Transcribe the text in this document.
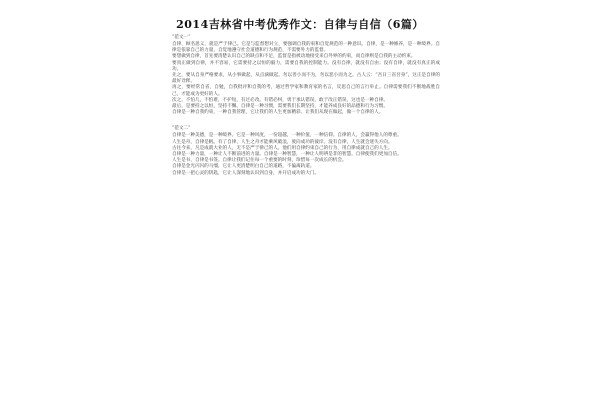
2014吉林省中考优秀作文：自律与自信（6篇）
“范文一”

自律，顾名思义，就是严于律己。它是与监督想对立，要强调自我的束和自觉规范的一种意识。自律，是一种修养，是一种境界。自律是依靠自己的力量，自觉地遵守社会道德和行为规范，不需要外力的监督。

要想做到自律，首先要清楚认识自己的缺点和不足，监督是指被动地接受来自外界的约束，而自律则是自我的主动约束。

要真正做到自律，并不容易，它需要持之以恒的毅力，需要自我的控制能力。没有自律，就没有自由；没有自律，就没有真正的成功。

先之，要从自身严格要求，从小事做起，从点滴做起。勿以善小而不为，勿以恶小而为之。古人云：“吾日三省吾身”，这正是自律的最好诠释。

再之，要经常自省，自勉，自我批评和自我的考，通过哲学家和教育家的名言，反思自己的言行举止。自律需要我们不断地战胜自己，才能成为更好的人。

次之，不怕几，不怕难，不护短，有过必改。有错必纠，勇于承认错误，敢于改正错误，这也是一种自律。

最后，是要持之以恒，坚持不懈。自律是一种习惯，需要我们长期坚持，才能养成良好的品德和行为习惯。

自律是一种自我约束，一种自我管理，它让我们的人生更加精彩。让我们从现在做起，做一个自律的人。

“范文二”

自律是一种美德，是一种境界。它是一种风度，一份超越，一种价值，一种信仰。自律的人，会赢得他人的尊重。

人生是舟，自律是帆。有了自律，人生之舟才能乘风破浪，驶向成功的彼岸。没有自律，人生就会迷失方向。

古往今来，凡是成就大业的人，无不是严于律己的人。他们用自律约束自己的行为，用自律成就自己的人生。

自律是一种力量，一种让人不断前进的力量。自律是一种智慧，一种让人明辨是非的智慧。自律使我们更加自信。

人生是书，自律是书签。自律让我们记住每一个重要的时刻，珍惜每一次成长的机会。

自律是金光闪闪的马缰，它让人更清楚明白自己的道路，不偏离轨道。

自律是一把心灵的钥匙，它让人深刻地认识到自身，并开启成功的大门。
